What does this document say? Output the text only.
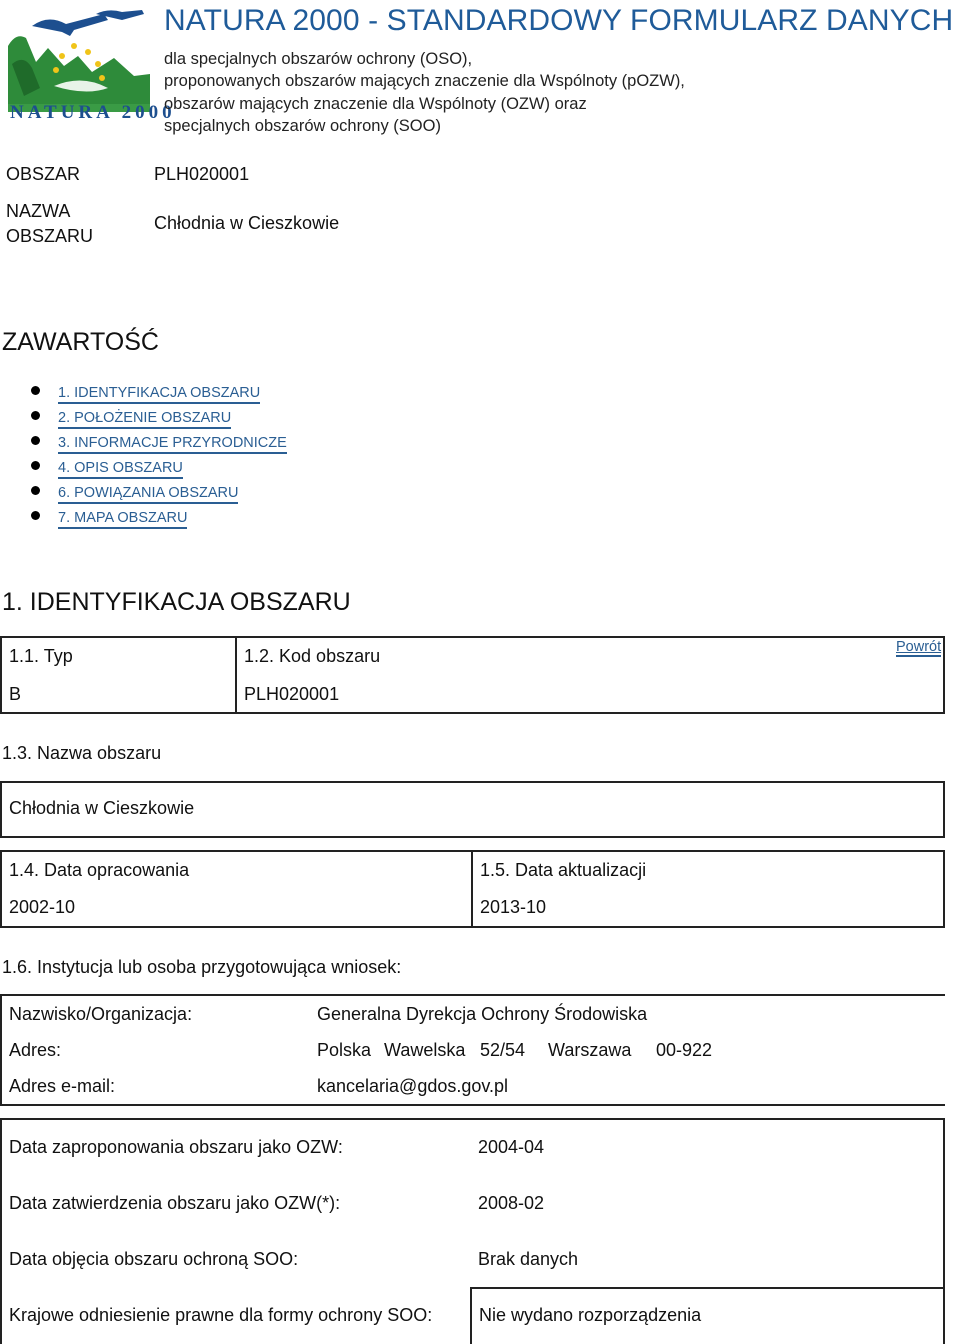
NATURA 2000
NATURA 2000 - STANDARDOWY FORMULARZ DANYCH
dla specjalnych obszarów ochrony (OSO),
proponowanych obszarów mających znaczenie dla Wspólnoty (pOZW),
obszarów mających znaczenie dla Wspólnoty (OZW) oraz
specjalnych obszarów ochrony (SOO)
OBSZAR	PLH020001
NAZWA
OBSZARU
Chłodnia w Cieszkowie
ZAWARTOŚĆ
1. IDENTYFIKACJA OBSZARU
2. POŁOŻENIE OBSZARU
3. INFORMACJE PRZYRODNICZE
4. OPIS OBSZARU
6. POWIĄZANIA OBSZARU
7. MAPA OBSZARU
1. IDENTYFIKACJA OBSZARU
1.1. Typ
B
1.2. Kod obszaru
PLH020001
Powrót
1.3. Nazwa obszaru
Chłodnia w Cieszkowie
1.4. Data opracowania
2002-10
1.5. Data aktualizacji
2013-10
1.6. Instytucja lub osoba przygotowująca wniosek:
Nazwisko/Organizacja:	Generalna Dyrekcja Ochrony Środowiska
Adres:	Polska Wawelska 52/54 Warszawa 00-922
Adres e-mail:	kancelaria@gdos.gov.pl
Data zaproponowania obszaru jako OZW:	2004-04
Data zatwierdzenia obszaru jako OZW(*):	2008-02
Data objęcia obszaru ochroną SOO:	Brak danych
Krajowe odniesienie prawne dla formy ochrony SOO:	Nie wydano rozporządzenia
